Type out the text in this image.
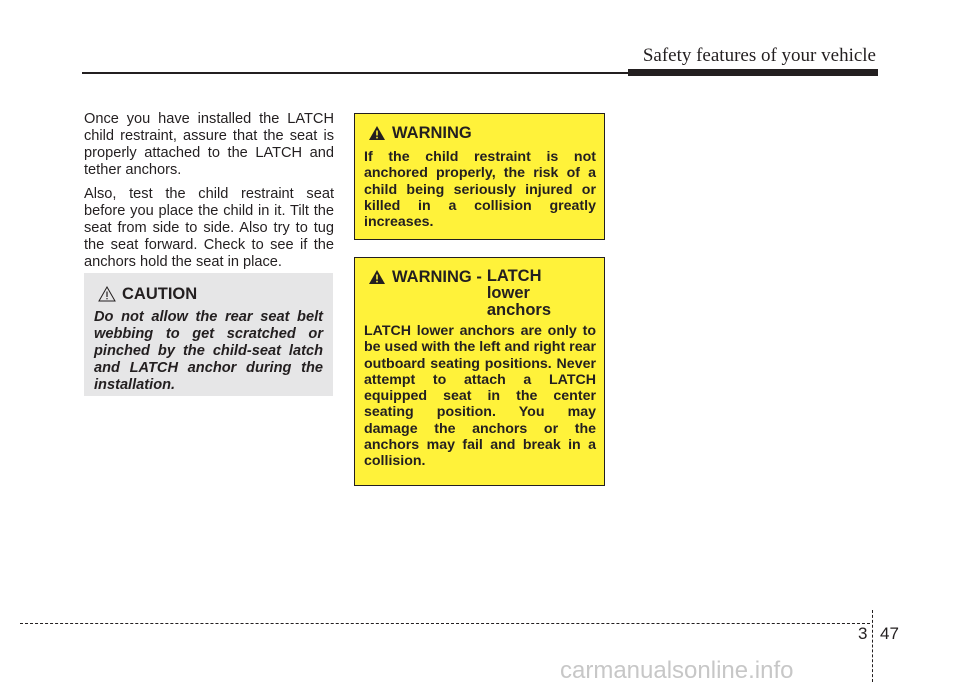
Safety features of your vehicle

Once you have installed the LATCH child restraint, assure that the seat is properly attached to the LATCH and tether anchors.

Also, test the child restraint seat before you place the child in it. Tilt the seat from side to side. Also try to tug the seat forward. Check to see if the anchors hold the seat in place.

CAUTION
Do not allow the rear seat belt webbing to get scratched or pinched by the child-seat latch and LATCH anchor during the installation.
WARNING
If the child restraint is not anchored properly, the risk of a child being seriously injured or killed in a collision greatly increases.
WARNING - LATCH
lower
anchors
LATCH lower anchors are only to be used with the left and right rear outboard seating positions. Never attempt to attach a LATCH equipped seat in the center seating position. You may damage the anchors or the anchors may fail and break in a collision.
3 47
carmanualsonline.info
